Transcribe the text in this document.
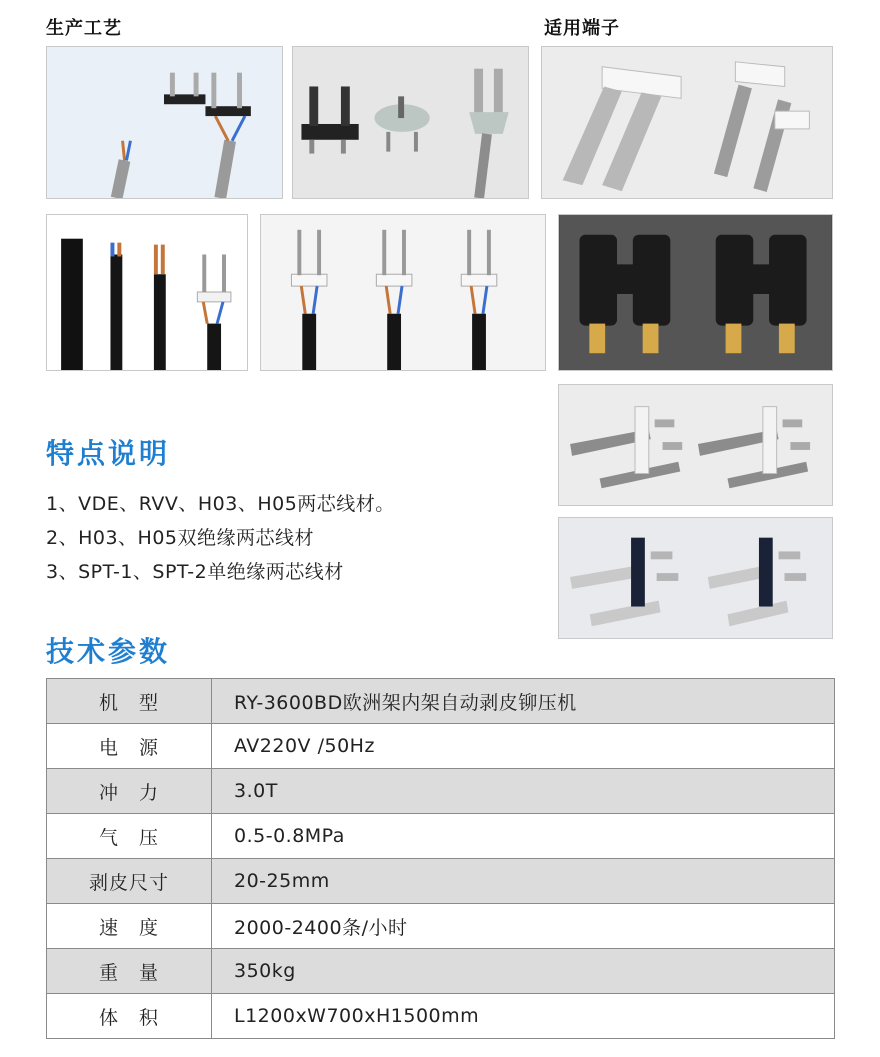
生产工艺	适用端子
特点说明
1、VDE、RVV、H03、H05两芯线材。
2、H03、H05双绝缘两芯线材
3、SPT-1、SPT-2单绝缘两芯线材
技术参数
机　型	RY-3600BD欧洲架内架自动剥皮铆压机
电　源	AV220V /50Hz
冲　力	3.0T
气　压	0.5-0.8MPa
剥皮尺寸	20-25mm
速　度	2000-2400条/小时
重　量	350kg
体　积	L1200xW700xH1500mm
